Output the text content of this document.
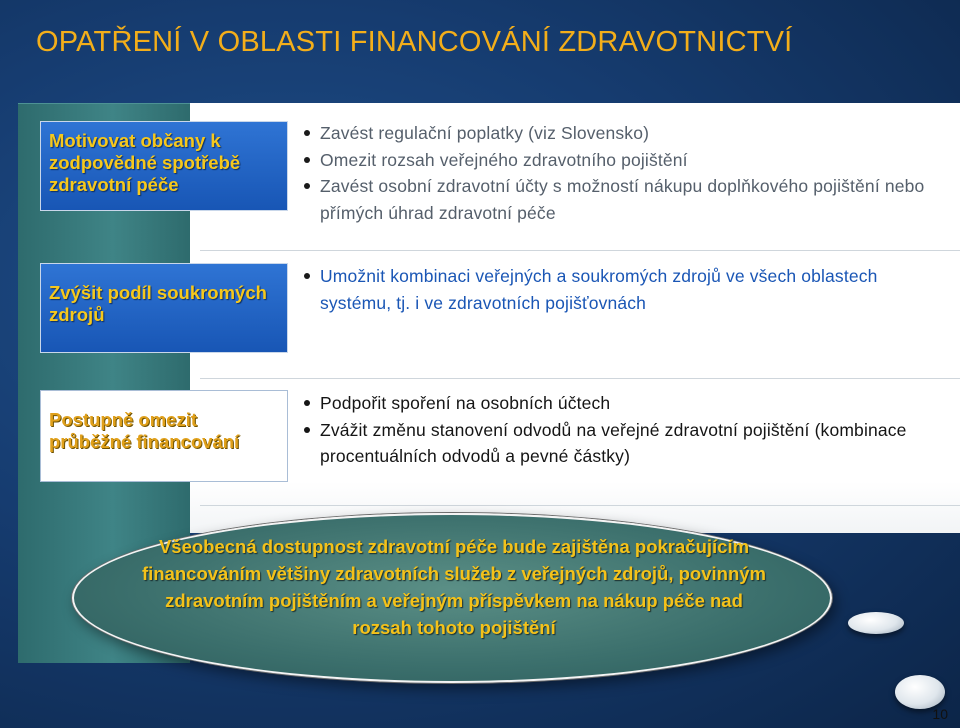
OPATŘENÍ V OBLASTI FINANCOVÁNÍ ZDRAVOTNICTVÍ
Motivovat občany k zodpovědné spotřebě zdravotní péče
Zavést regulační poplatky (viz Slovensko)
Omezit rozsah veřejného zdravotního pojištění
Zavést osobní zdravotní účty s možností nákupu doplňkového pojištění nebo přímých úhrad zdravotní péče
Zvýšit podíl soukromých zdrojů
Umožnit kombinaci veřejných a soukromých zdrojů ve všech oblastech systému, tj. i ve zdravotních pojišťovnách
Postupně omezit průběžné financování
Podpořit spoření na osobních účtech
Zvážit změnu stanovení odvodů na veřejné zdravotní pojištění (kombinace procentuálních odvodů a pevné částky)
Všeobecná dostupnost zdravotní péče bude zajištěna pokračujícím financováním většiny zdravotních služeb z veřejných zdrojů, povinným zdravotním pojištěním a veřejným příspěvkem na nákup péče nad rozsah tohoto pojištění
10
